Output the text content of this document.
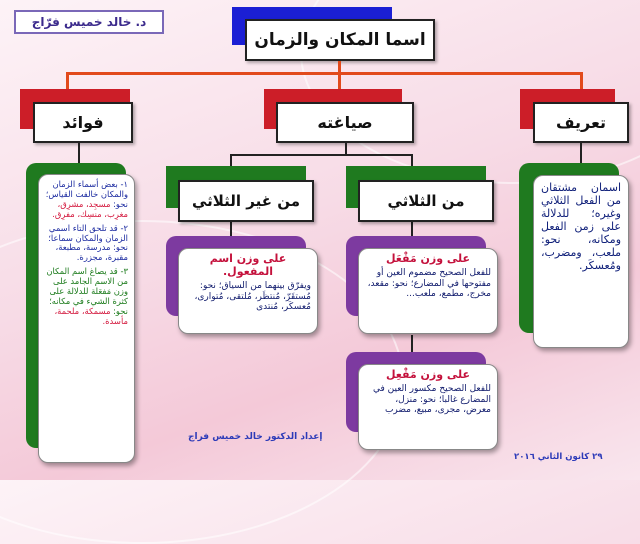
د. خالد خميس فرّاج
اسما المكان والزمان
فوائد	صياغته	تعريف
من غير الثلاثي	من الثلاثي
اسمان مشتقان من الفعل الثلاثي وغيره؛ للدلالة على زمن الفعل ومكانه، نحو: ملعب، ومضرب، ومُعسكَر.
١- بعض أسماء الزمان والمكان خالفت القياس؛ نحو: مسجِد، مشرِق، مغرِب، منسِك، مفرِق.
٢- قد تلحق التاء اسمي الزمان والمكان سماعا؛ نحو: مدرسة، مطبعة، مقبرة، مجزرة.
٣- قد يصاغ اسم المكان من الاسم الجامد على وزن مَفعَلة للدلالة على كثرة الشيء في مكانه؛ نحو: مسمكة، ملحمة، مأسدة.
على وزن اسم المفعول.
ويفرّق بينهما من السياق؛ نحو: مُستقَرّ، مُنتظَر، مُلتقى، مُتوارى، مُعسكَر، مُنتدى
على وزن مَفْعَل
للفعل الصحيح مضموم العين أو مفتوحها في المضارع؛ نحو: مقعد، مخرج، مطمع، ملعب...
على وزن مَفْعِل
للفعل الصحيح مكسور العين في المضارع غالبا؛ نحو: منزل، معرض، مجرى، مبيع، مضرب
إعداد الدكتور خالد خميس فراج
٢٩ كانون الثاني ٢٠١٦
